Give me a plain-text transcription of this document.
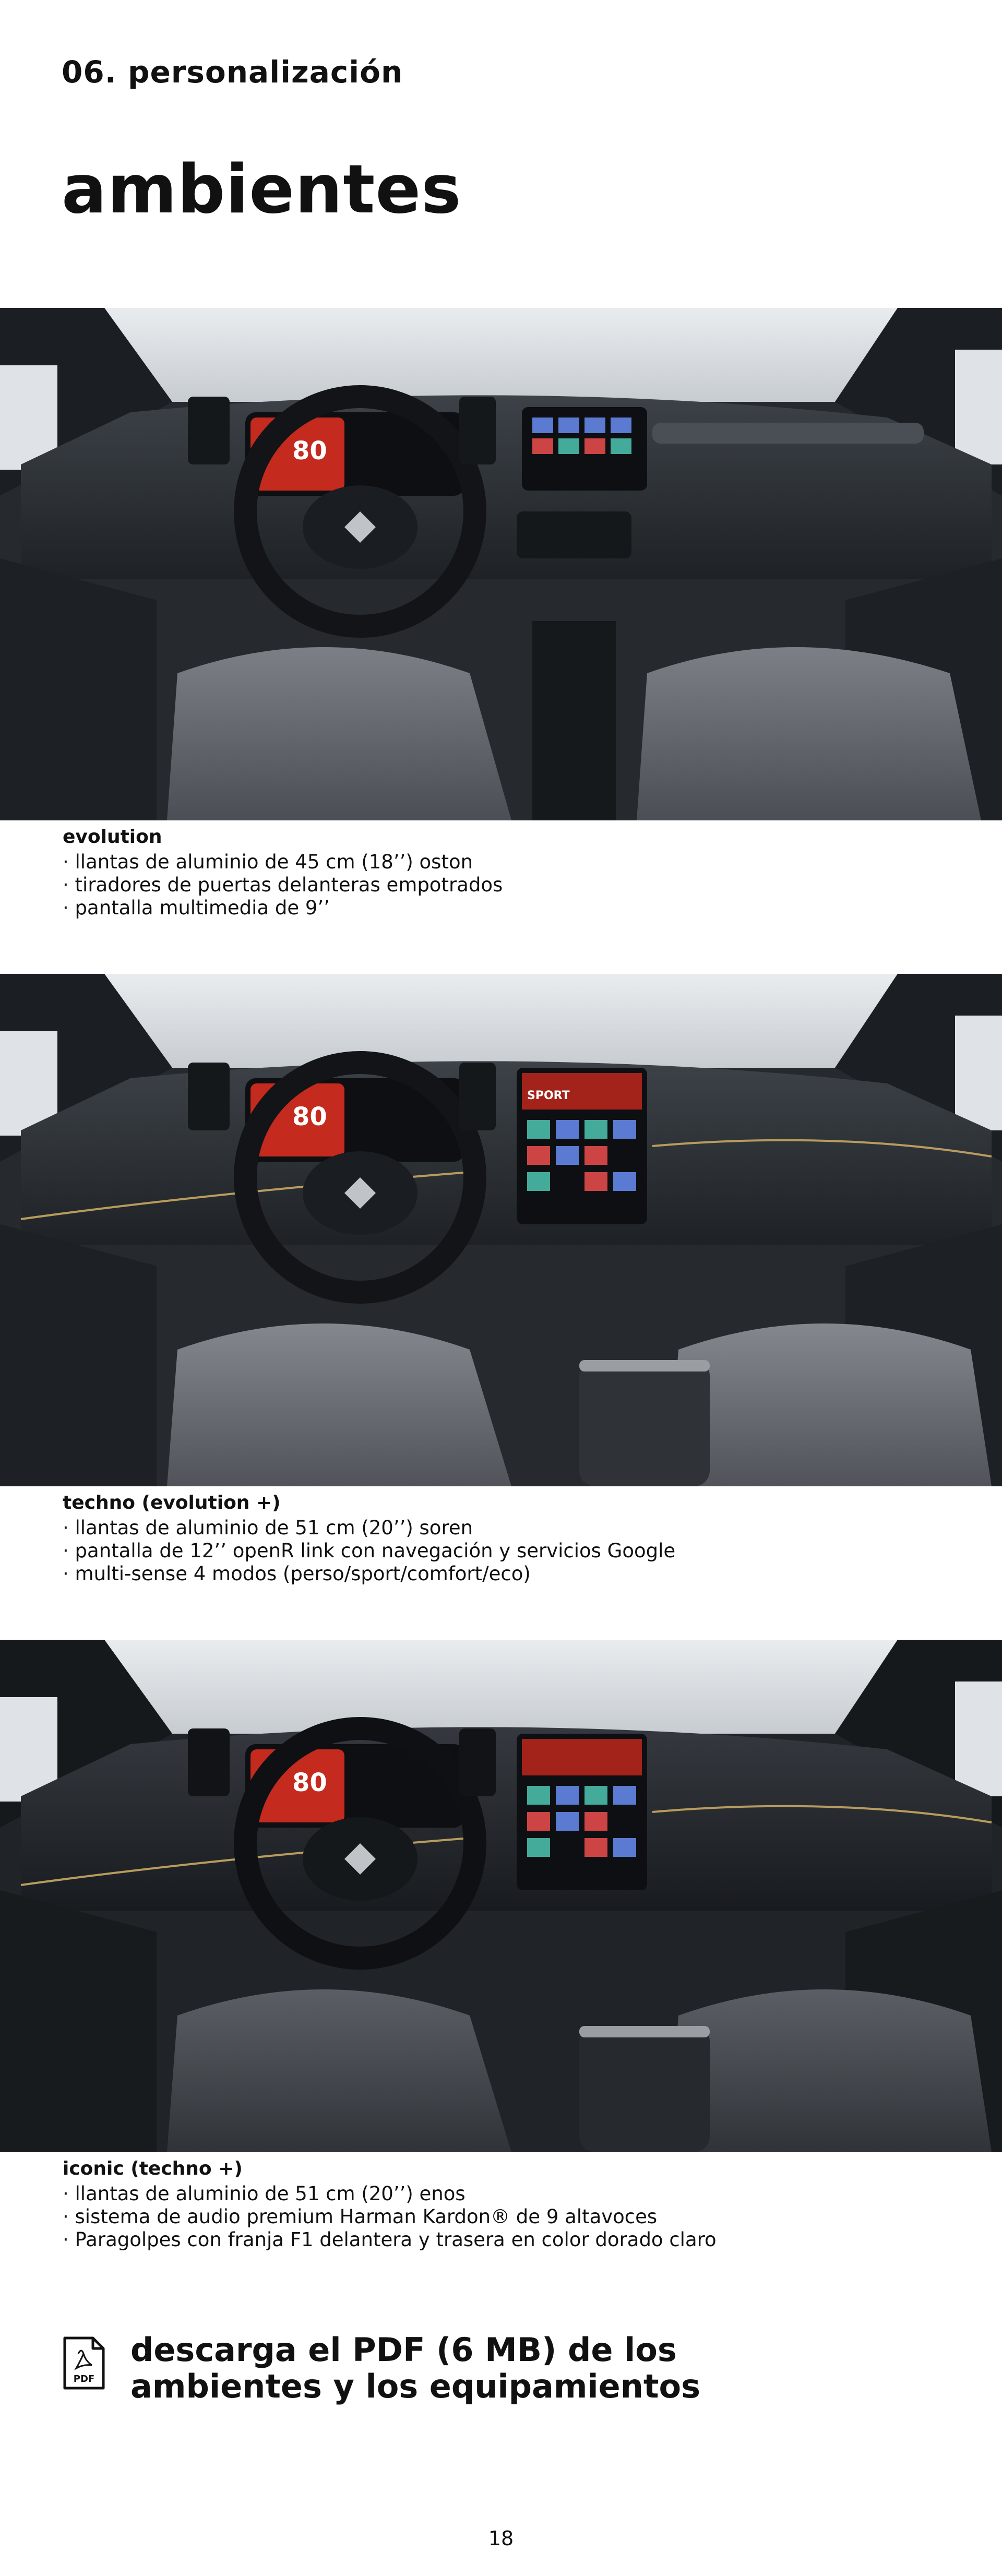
06. personalización
ambientes
80
evolution
· llantas de aluminio de 45 cm (18’’) oston
· tiradores de puertas delanteras empotrados
· pantalla multimedia de 9’’
80
SPORT
techno (evolution +)
· llantas de aluminio de 51 cm (20’’) soren
· pantalla de 12’’ openR link con navegación y servicios Google
· multi-sense 4 modos (perso/sport/comfort/eco)
80
iconic (techno +)
· llantas de aluminio de 51 cm (20’’) enos
· sistema de audio premium Harman Kardon® de 9 altavoces
· Paragolpes con franja F1 delantera y trasera en color dorado claro
PDF
descarga el PDF (6 MB) de los
ambientes y los equipamientos
18
